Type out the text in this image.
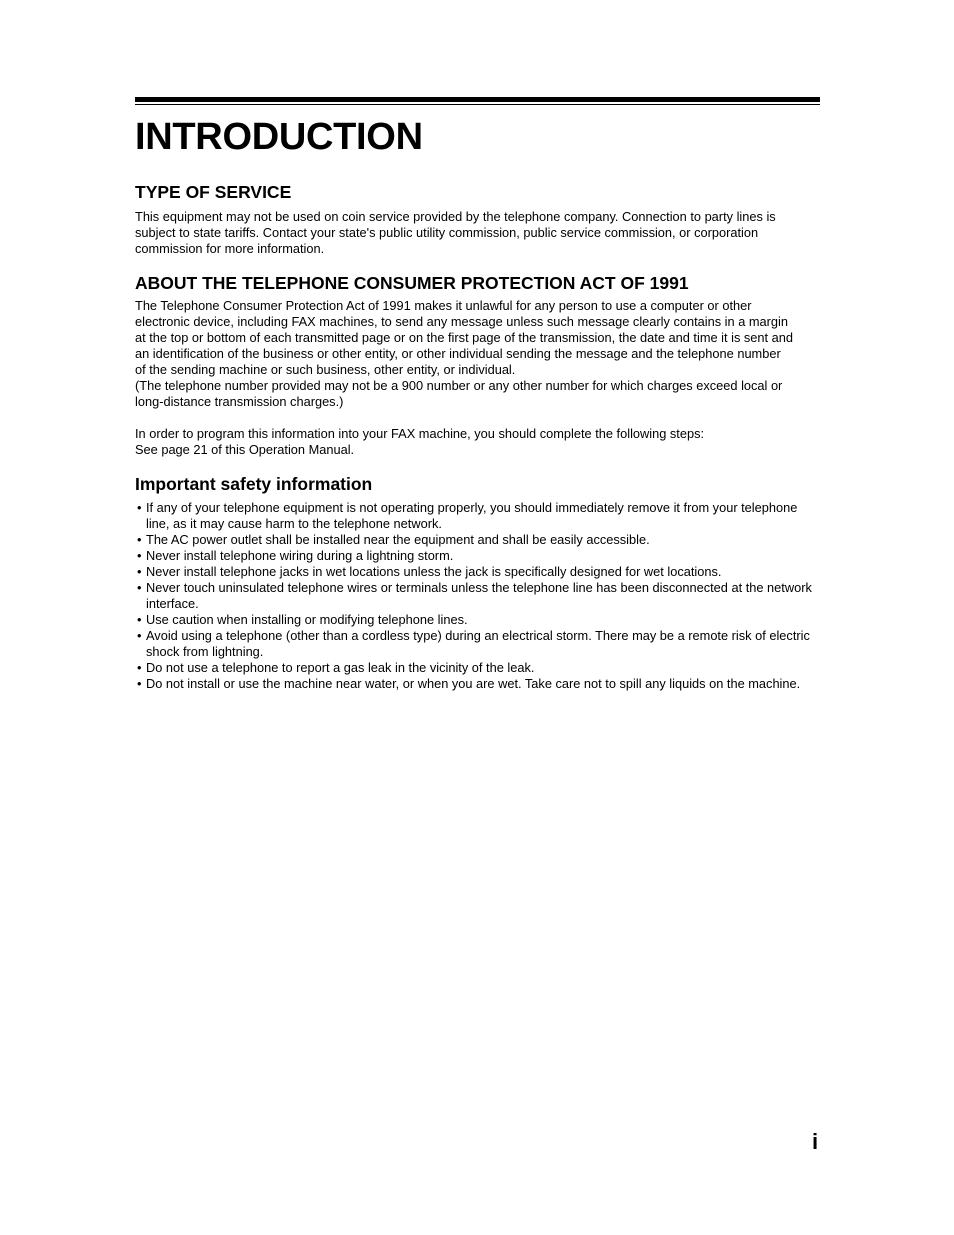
INTRODUCTION
TYPE OF SERVICE

This equipment may not be used on coin service provided by the telephone company. Connection to party lines is
subject to state tariffs. Contact your state's public utility commission, public service commission, or corporation
commission for more information.

ABOUT THE TELEPHONE CONSUMER PROTECTION ACT OF 1991

The Telephone Consumer Protection Act of 1991 makes it unlawful for any person to use a computer or other
electronic device, including FAX machines, to send any message unless such message clearly contains in a margin
at the top or bottom of each transmitted page or on the first page of the transmission, the date and time it is sent and
an identification of the business or other entity, or other individual sending the message and the telephone number
of the sending machine or such business, other entity, or individual.
(The telephone number provided may not be a 900 number or any other number for which charges exceed local or
long-distance transmission charges.)

In order to program this information into your FAX machine, you should complete the following steps:
See page 21 of this Operation Manual.

Important safety information
• If any of your telephone equipment is not operating properly, you should immediately remove it from your telephone line, as it may cause harm to the telephone network.
• The AC power outlet shall be installed near the equipment and shall be easily accessible.
• Never install telephone wiring during a lightning storm.
• Never install telephone jacks in wet locations unless the jack is specifically designed for wet locations.
• Never touch uninsulated telephone wires or terminals unless the telephone line has been disconnected at the network interface.
• Use caution when installing or modifying telephone lines.
• Avoid using a telephone (other than a cordless type) during an electrical storm. There may be a remote risk of electric shock from lightning.
• Do not use a telephone to report a gas leak in the vicinity of the leak.
• Do not install or use the machine near water, or when you are wet. Take care not to spill any liquids on the machine.
i
